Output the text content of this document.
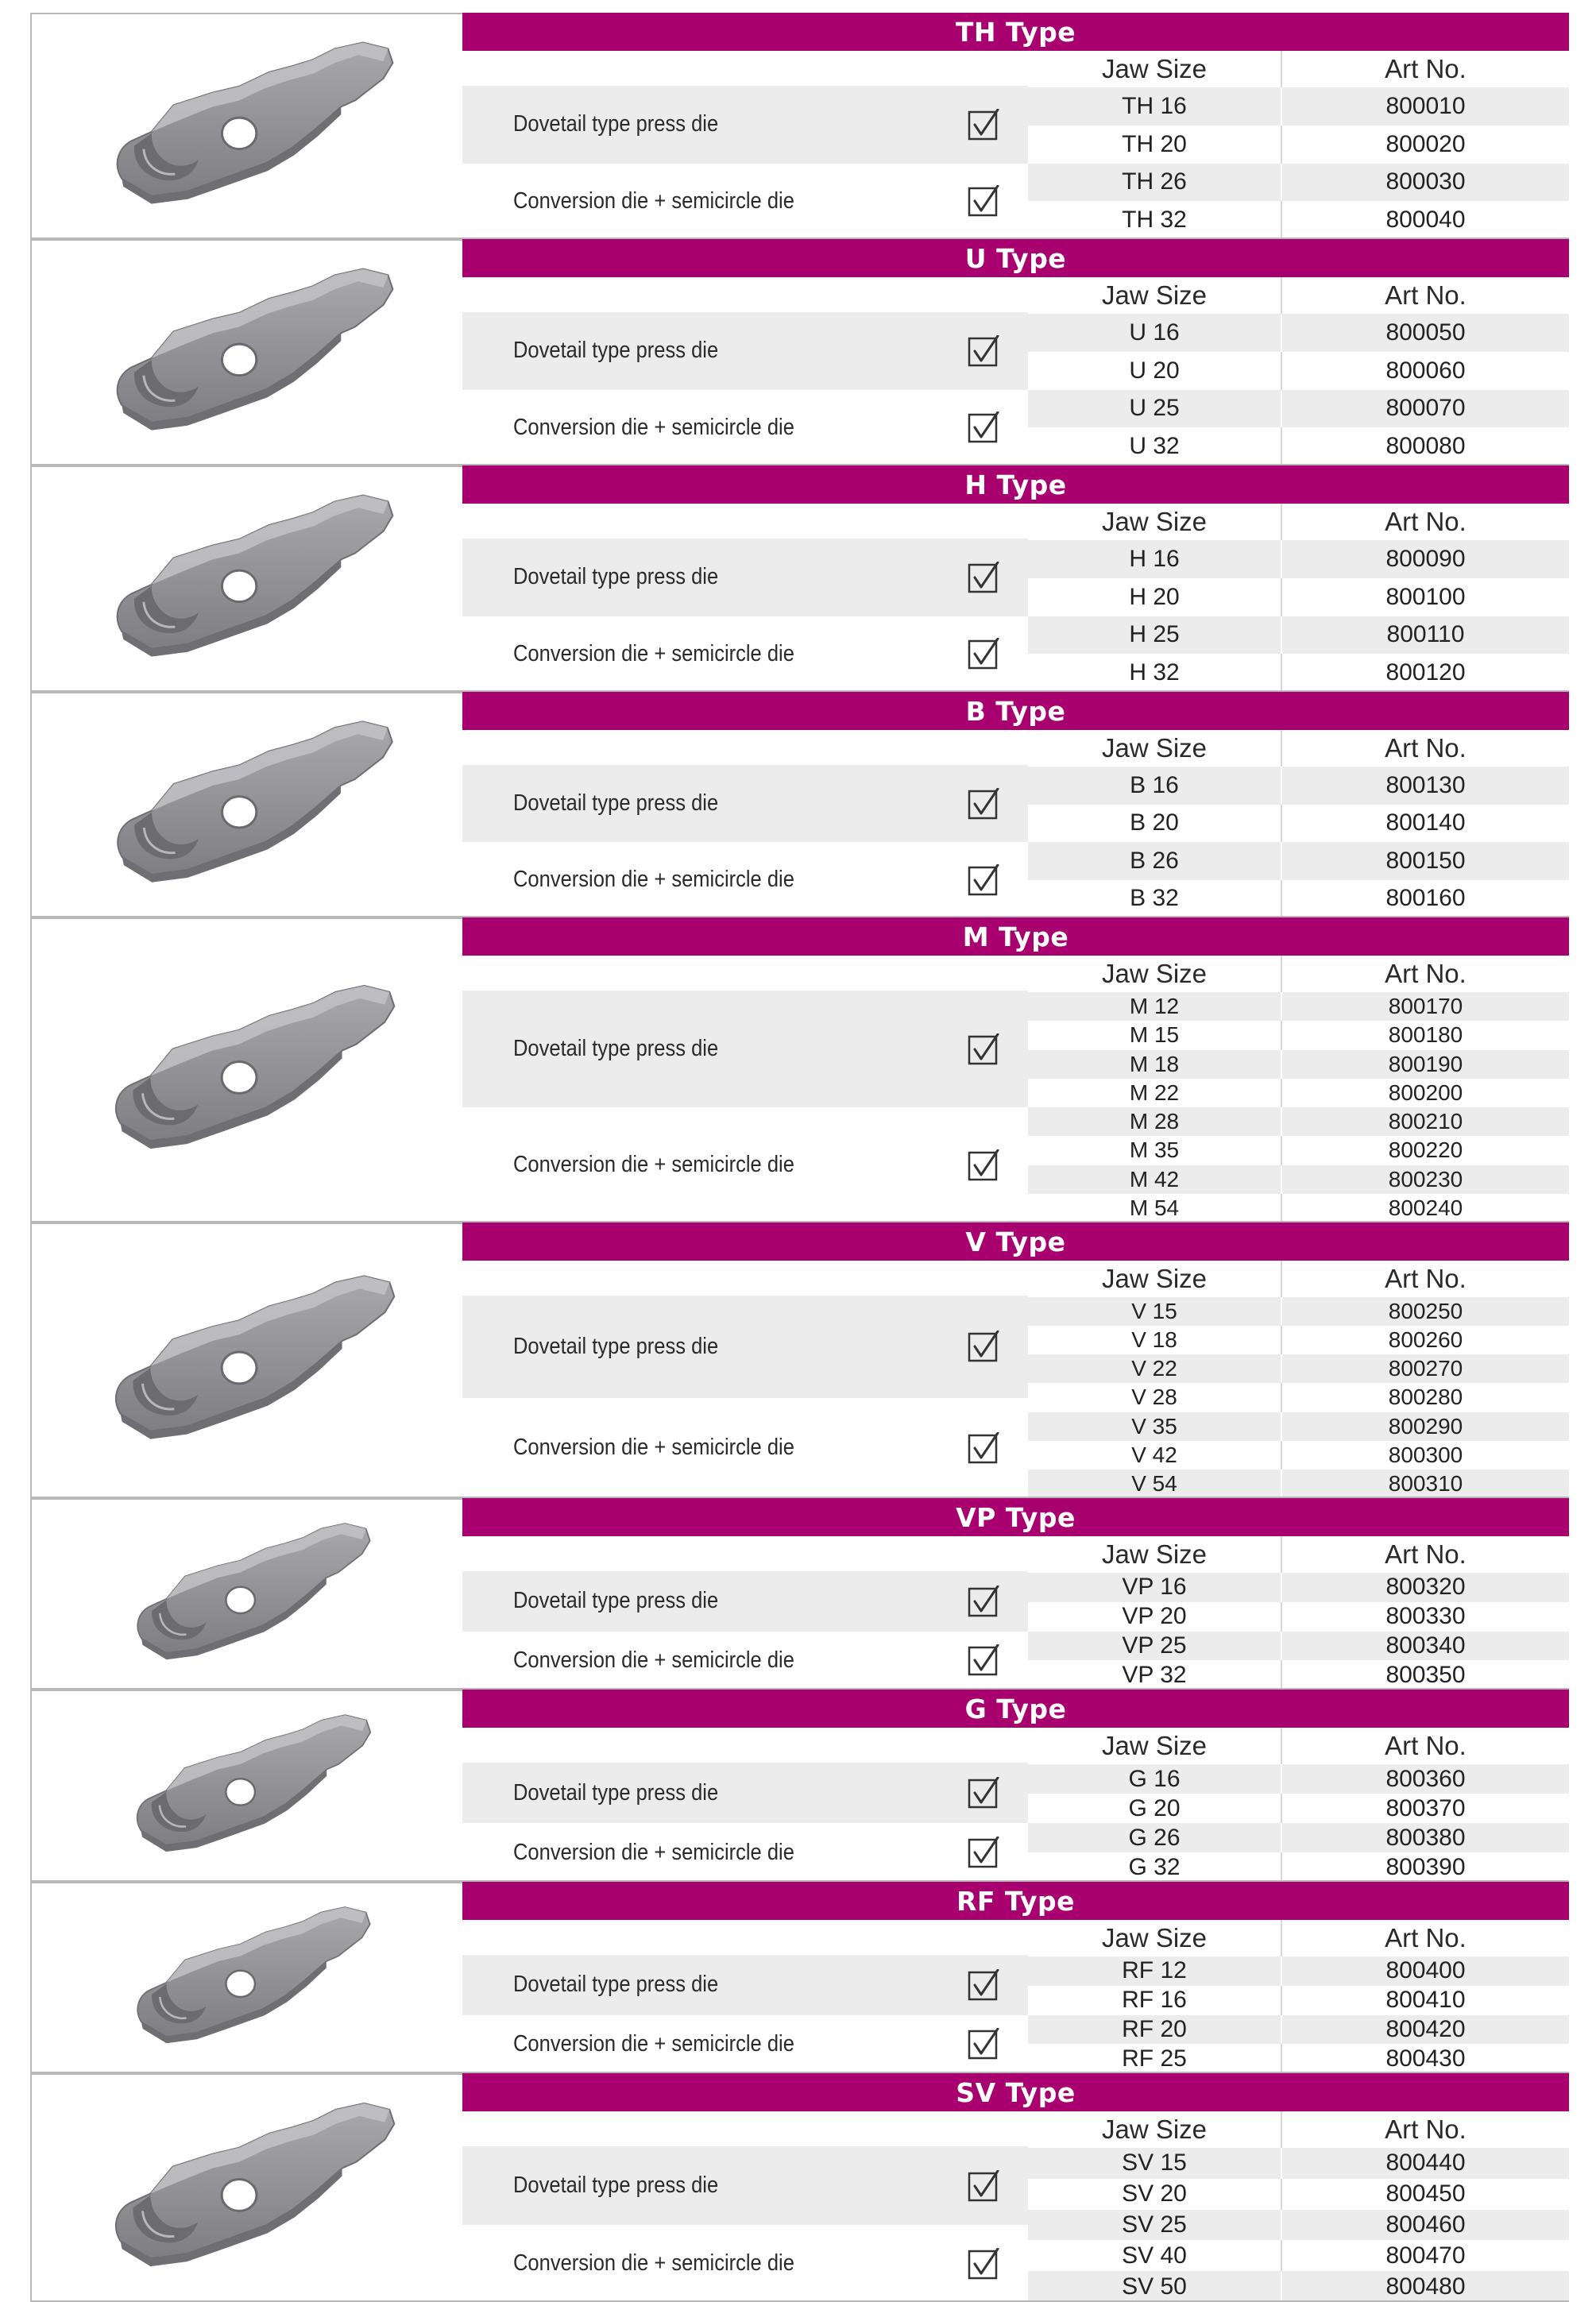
TH Type
Jaw Size	Art No.
Dovetail type press die
Conversion die + semicircle die
TH 16	800010
TH 20	800020
TH 26	800030
TH 32	800040
U Type
Jaw Size	Art No.
Dovetail type press die
Conversion die + semicircle die
U 16	800050
U 20	800060
U 25	800070
U 32	800080
H Type
Jaw Size	Art No.
Dovetail type press die
Conversion die + semicircle die
H 16	800090
H 20	800100
H 25	800110
H 32	800120
B Type
Jaw Size	Art No.
Dovetail type press die
Conversion die + semicircle die
B 16	800130
B 20	800140
B 26	800150
B 32	800160
M Type
Jaw Size	Art No.
Dovetail type press die
Conversion die + semicircle die
M 12	800170
M 15	800180
M 18	800190
M 22	800200
M 28	800210
M 35	800220
M 42	800230
M 54	800240
V Type
Jaw Size	Art No.
Dovetail type press die
Conversion die + semicircle die
V 15	800250
V 18	800260
V 22	800270
V 28	800280
V 35	800290
V 42	800300
V 54	800310
VP Type
Jaw Size	Art No.
Dovetail type press die
Conversion die + semicircle die
VP 16	800320
VP 20	800330
VP 25	800340
VP 32	800350
G Type
Jaw Size	Art No.
Dovetail type press die
Conversion die + semicircle die
G 16	800360
G 20	800370
G 26	800380
G 32	800390
RF Type
Jaw Size	Art No.
Dovetail type press die
Conversion die + semicircle die
RF 12	800400
RF 16	800410
RF 20	800420
RF 25	800430
SV Type
Jaw Size	Art No.
Dovetail type press die
Conversion die + semicircle die
SV 15	800440
SV 20	800450
SV 25	800460
SV 40	800470
SV 50	800480
